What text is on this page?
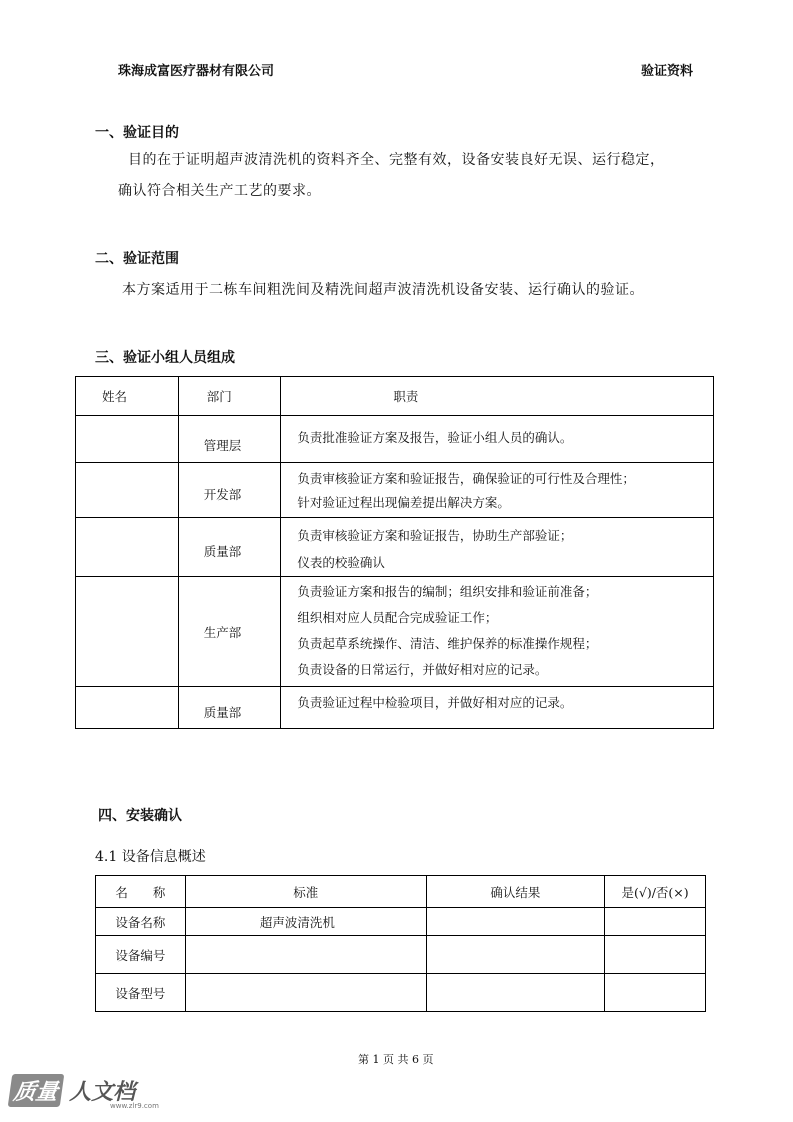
珠海成富医疗器材有限公司	验证资料
一、验证目的
目的在于证明超声波清洗机的资料齐全、完整有效，设备安装良好无误、运行稳定，
确认符合相关生产工艺的要求。
二、验证范围
本方案适用于二栋车间粗洗间及精洗间超声波清洗机设备安装、运行确认的验证。
三、验证小组人员组成
姓名	部门	职责
	管理层	负责批准验证方案及报告，验证小组人员的确认。

	开发部	负责审核验证方案和验证报告，确保验证的可行性及合理性；
针对验证过程出现偏差提出解决方案。

	质量部	负责审核验证方案和验证报告，协助生产部验证；
仪表的校验确认

	生产部	负责验证方案和报告的编制；组织安排和验证前准备；
组织相对应人员配合完成验证工作；
负责起草系统操作、清洁、维护保养的标准操作规程；
负责设备的日常运行，并做好相对应的记录。

	质量部	负责验证过程中检验项目，并做好相对应的记录。
四、安装确认
4.1 设备信息概述
名　　称	标准	确认结果	是(√)/否(×)
设备名称	超声波清洗机		
设备编号			
设备型号			
第 1 页 共 6 页
质量 人文档
www.zlr9.com
